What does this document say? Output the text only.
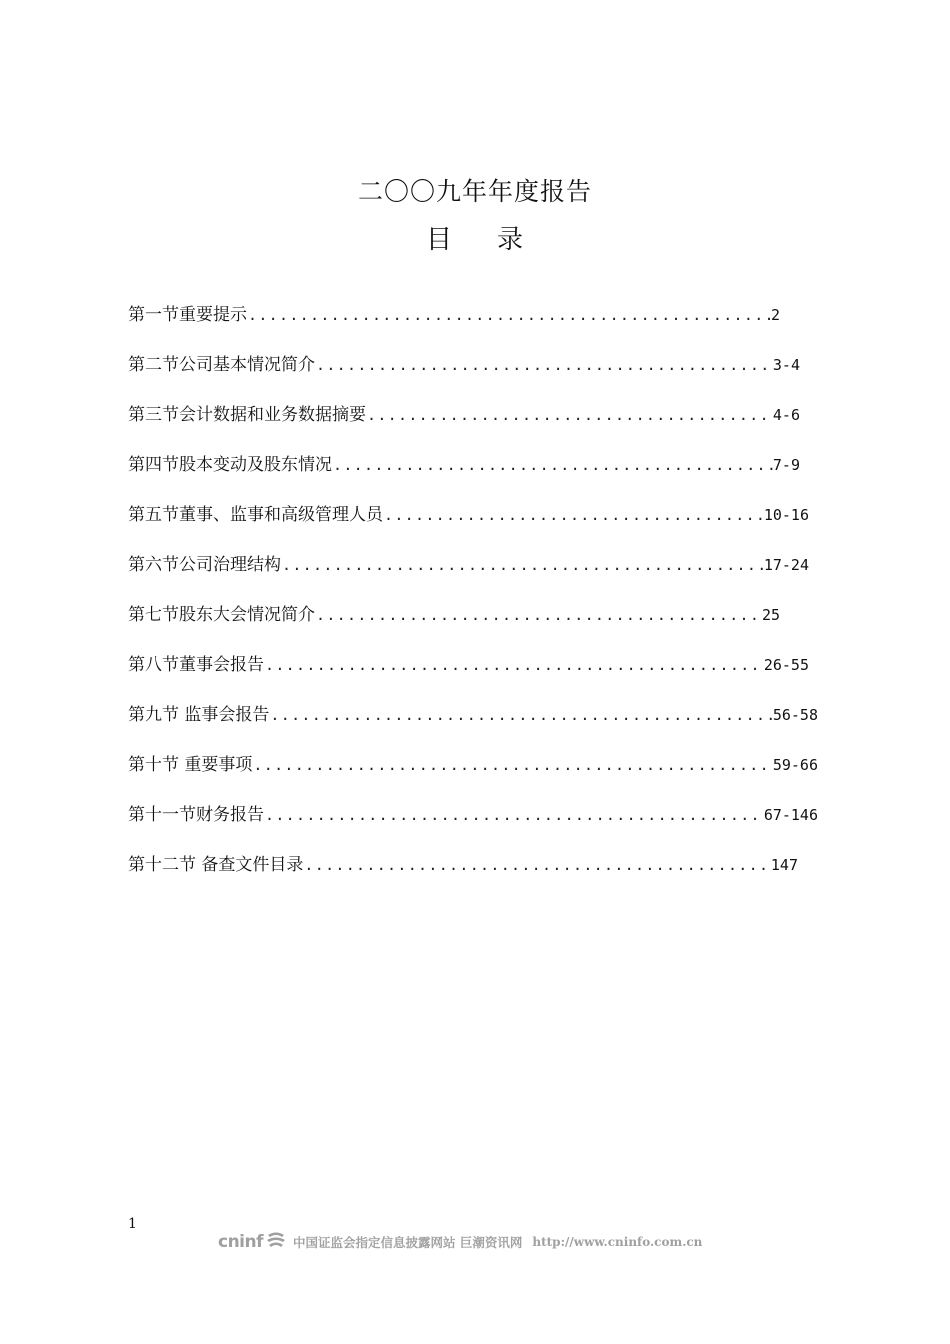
二〇〇九年年度报告
目 录
第一节重要提示 .....	2
第二节公司基本情况简介 .....	3-4
第三节会计数据和业务数据摘要 .....	4-6
第四节股本变动及股东情况 .....	7-9
第五节董事、监事和高级管理人员 .....	10-16
第六节公司治理结构 .....	17-24
第七节股东大会情况简介 .....	25
第八节董事会报告 .....	26-55
第九节 监事会报告 .....	56-58
第十节 重要事项 .....	59-66
第十一节财务报告 .....	67-146
第十二节 备查文件目录 .....	147
1
cninf 中国证监会指定信息披露网站 巨潮资讯网 http://www.cninfo.com.cn
